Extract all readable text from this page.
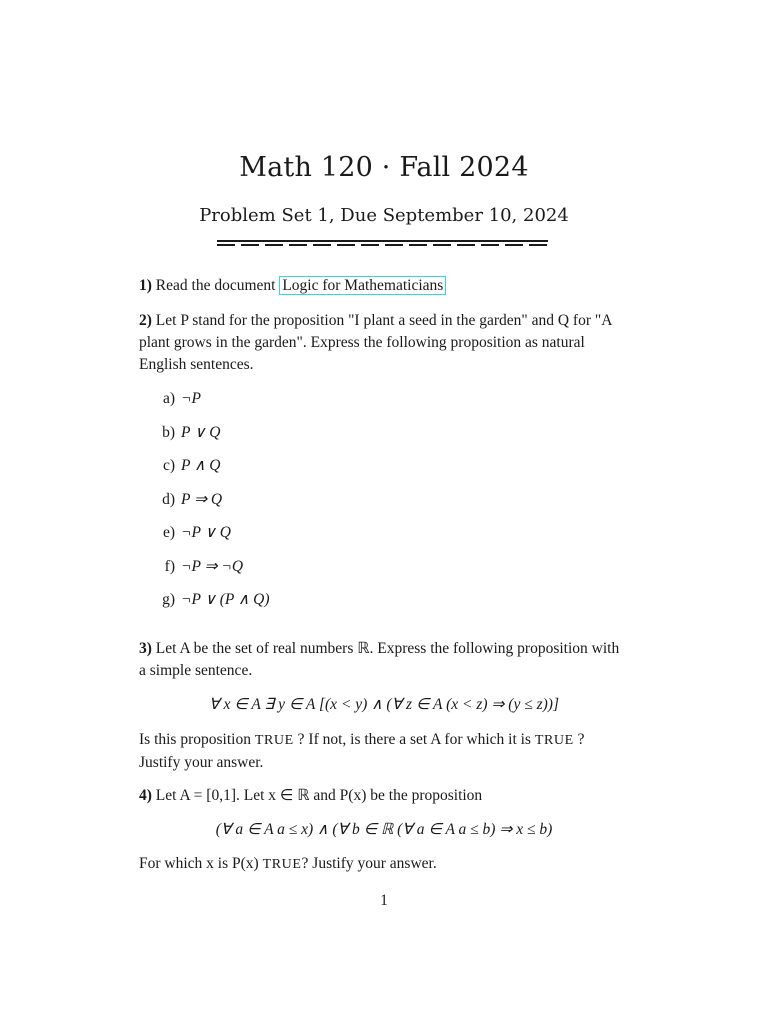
Math 120 · Fall 2024
Problem Set 1, Due September 10, 2024
1) Read the document Logic for Mathematicians
2) Let P stand for the proposition "I plant a seed in the garden" and Q for "A plant grows in the garden". Express the following proposition as natural English sentences.
a) ¬P
b) P ∨ Q
c) P ∧ Q
d) P ⇒ Q
e) ¬P ∨ Q
f) ¬P ⇒ ¬Q
g) ¬P ∨ (P ∧ Q)
3) Let A be the set of real numbers ℝ. Express the following proposition with a simple sentence.
∀ x ∈ A ∃ y ∈ A [(x < y) ∧ (∀ z ∈ A (x < z) ⇒ (y ≤ z))]
Is this proposition TRUE ? If not, is there a set A for which it is TRUE ? Justify your answer.
4) Let A = [0,1]. Let x ∈ ℝ and P(x) be the proposition
(∀ a ∈ A a ≤ x) ∧ (∀ b ∈ ℝ (∀ a ∈ A a ≤ b) ⇒ x ≤ b)
For which x is P(x) TRUE? Justify your answer.
1
